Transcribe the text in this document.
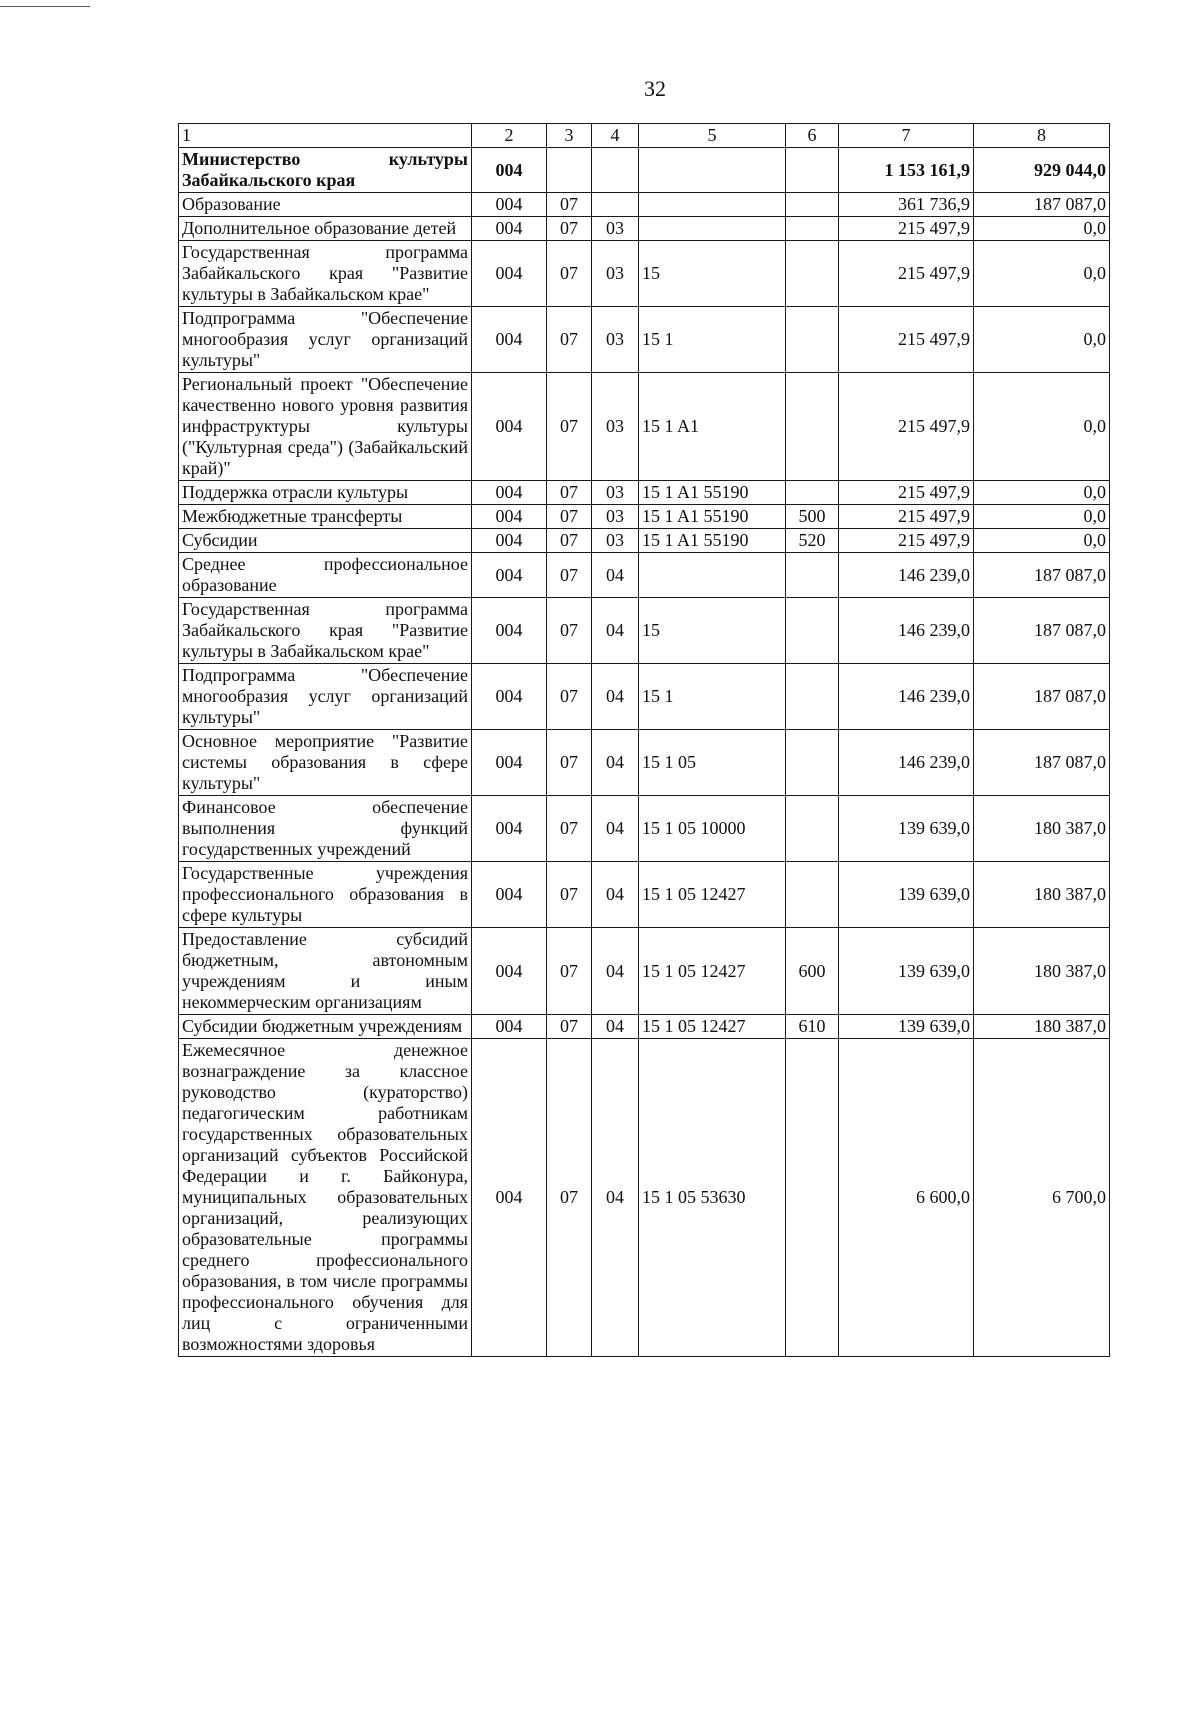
32
1	2	3	4	5	6	7	8
Министерство культуры Забайкальского края	004					1 153 161,9	929 044,0
Образование	004	07				361 736,9	187 087,0
Дополнительное образование детей	004	07	03			215 497,9	0,0
Государственная программа Забайкальского края "Развитие культуры в Забайкальском крае"	004	07	03	15		215 497,9	0,0
Подпрограмма "Обеспечение многообразия услуг организаций культуры"	004	07	03	15 1		215 497,9	0,0
Региональный проект "Обеспечение качественно нового уровня развития инфраструктуры культуры ("Культурная среда") (Забайкальский край)"	004	07	03	15 1 A1		215 497,9	0,0
Поддержка отрасли культуры	004	07	03	15 1 A1 55190		215 497,9	0,0
Межбюджетные трансферты	004	07	03	15 1 A1 55190	500	215 497,9	0,0
Субсидии	004	07	03	15 1 A1 55190	520	215 497,9	0,0
Среднее профессиональное образование	004	07	04			146 239,0	187 087,0
Государственная программа Забайкальского края "Развитие культуры в Забайкальском крае"	004	07	04	15		146 239,0	187 087,0
Подпрограмма "Обеспечение многообразия услуг организаций культуры"	004	07	04	15 1		146 239,0	187 087,0
Основное мероприятие "Развитие системы образования в сфере культуры"	004	07	04	15 1 05		146 239,0	187 087,0
Финансовое обеспечение выполнения функций государственных учреждений	004	07	04	15 1 05 10000		139 639,0	180 387,0
Государственные учреждения профессионального образования в сфере культуры	004	07	04	15 1 05 12427		139 639,0	180 387,0
Предоставление субсидий бюджетным, автономным учреждениям и иным некоммерческим организациям	004	07	04	15 1 05 12427	600	139 639,0	180 387,0
Субсидии бюджетным учреждениям	004	07	04	15 1 05 12427	610	139 639,0	180 387,0
Ежемесячное денежное вознаграждение за классное руководство (кураторство) педагогическим работникам государственных образовательных организаций субъектов Российской Федерации и г. Байконура, муниципальных образовательных организаций, реализующих образовательные программы среднего профессионального образования, в том числе программы профессионального обучения для лиц с ограниченными возможностями здоровья	004	07	04	15 1 05 53630		6 600,0	6 700,0
